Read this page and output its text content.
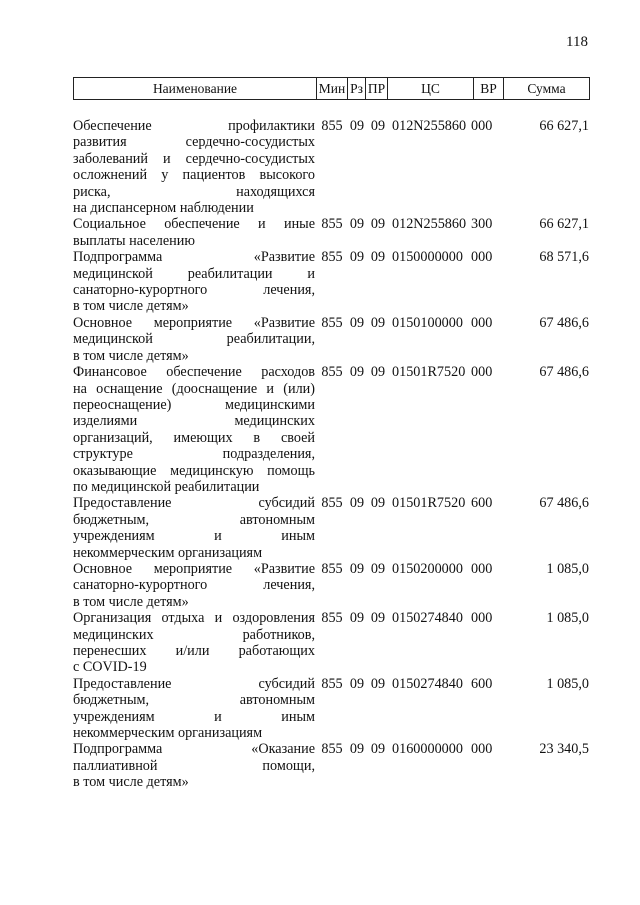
118
Наименование	Мин	Рз	ПР	ЦС	ВР	Сумма
Обеспечение профилактики
развития сердечно-сосудистых
заболеваний и сердечно-сосудистых
осложнений у пациентов высокого
риска, находящихся
на диспансерном наблюдении
855 09 09 012N255860 000	66 627,1
Социальное обеспечение и иные
выплаты населению
855 09 09 012N255860 300	66 627,1
Подпрограмма «Развитие
медицинской реабилитации и
санаторно-курортного лечения,
в том числе детям»
855 09 09 0150000000 000	68 571,6
Основное мероприятие «Развитие
медицинской реабилитации,
в том числе детям»
855 09 09 0150100000 000	67 486,6
Финансовое обеспечение расходов
на оснащение (дооснащение и (или)
переоснащение) медицинскими
изделиями медицинских
организаций, имеющих в своей
структуре подразделения,
оказывающие медицинскую помощь
по медицинской реабилитации
855 09 09 01501R7520 000	67 486,6
Предоставление субсидий
бюджетным, автономным
учреждениям и иным
некоммерческим организациям
855 09 09 01501R7520 600	67 486,6
Основное мероприятие «Развитие
санаторно-курортного лечения,
в том числе детям»
855 09 09 0150200000 000	1 085,0
Организация отдыха и оздоровления
медицинских работников,
перенесших и/или работающих
с COVID-19
855 09 09 0150274840 000	1 085,0
Предоставление субсидий
бюджетным, автономным
учреждениям и иным
некоммерческим организациям
855 09 09 0150274840 600	1 085,0
Подпрограмма «Оказание
паллиативной помощи,
в том числе детям»
855 09 09 0160000000 000	23 340,5
